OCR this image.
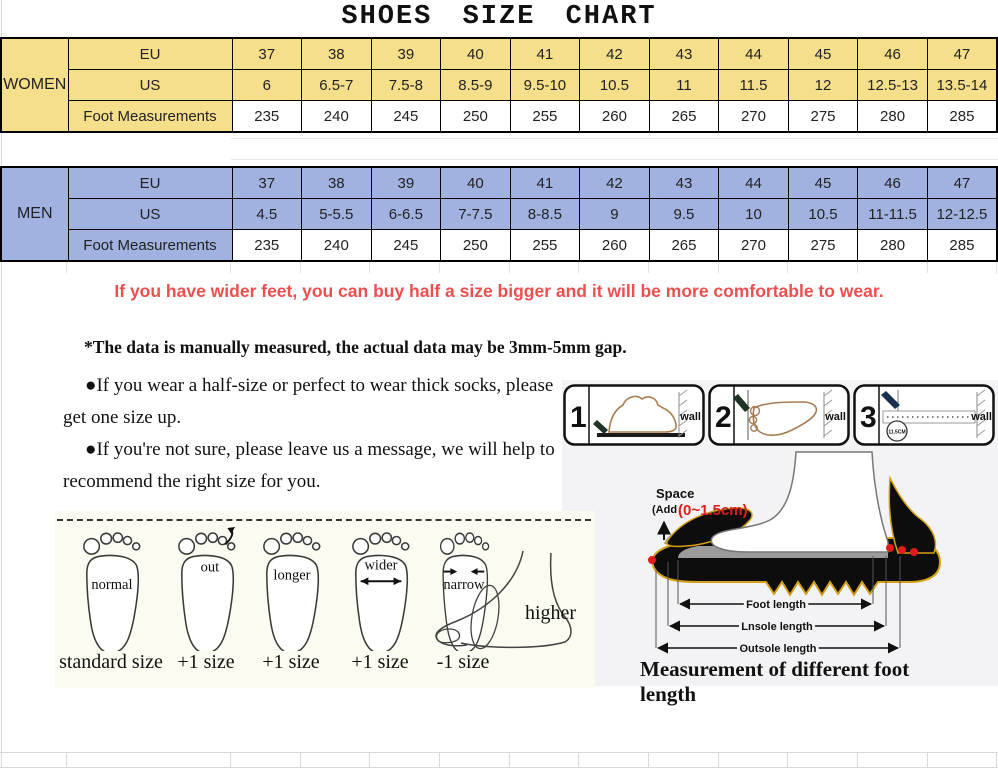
SHOES SIZE CHART
WOMEN	EU	37	38	39	40	41	42	43	44	45	46	47
	US	6	6.5-7	7.5-8	8.5-9	9.5-10	10.5	11	11.5	12	12.5-13	13.5-14
	Foot Measurements	235	240	245	250	255	260	265	270	275	280	285
MEN	EU	37	38	39	40	41	42	43	44	45	46	47
	US	4.5	5-5.5	6-6.5	7-7.5	8-8.5	9	9.5	10	10.5	11-11.5	12-12.5
	Foot Measurements	235	240	245	250	255	260	265	270	275	280	285
If you have wider feet, you can buy half a size bigger and it will be more comfortable to wear.
*The data is manually measured, the actual data may be 3mm-5mm gap.

●If you wear a half-size or perfect to wear thick socks, please get one size up.

●If you're not sure, please leave us a message, we will help to recommend the right size for you.

1	wall 2	wall 3 11.5CM
wall
normal
standard size
out
+1 size
longer
+1 size
wider
+1 size
narrow
-1 size
higher
Space
(Add (0~1.5cm)
Foot length
Lnsole length
Outsole length
Measurement of different foot length
